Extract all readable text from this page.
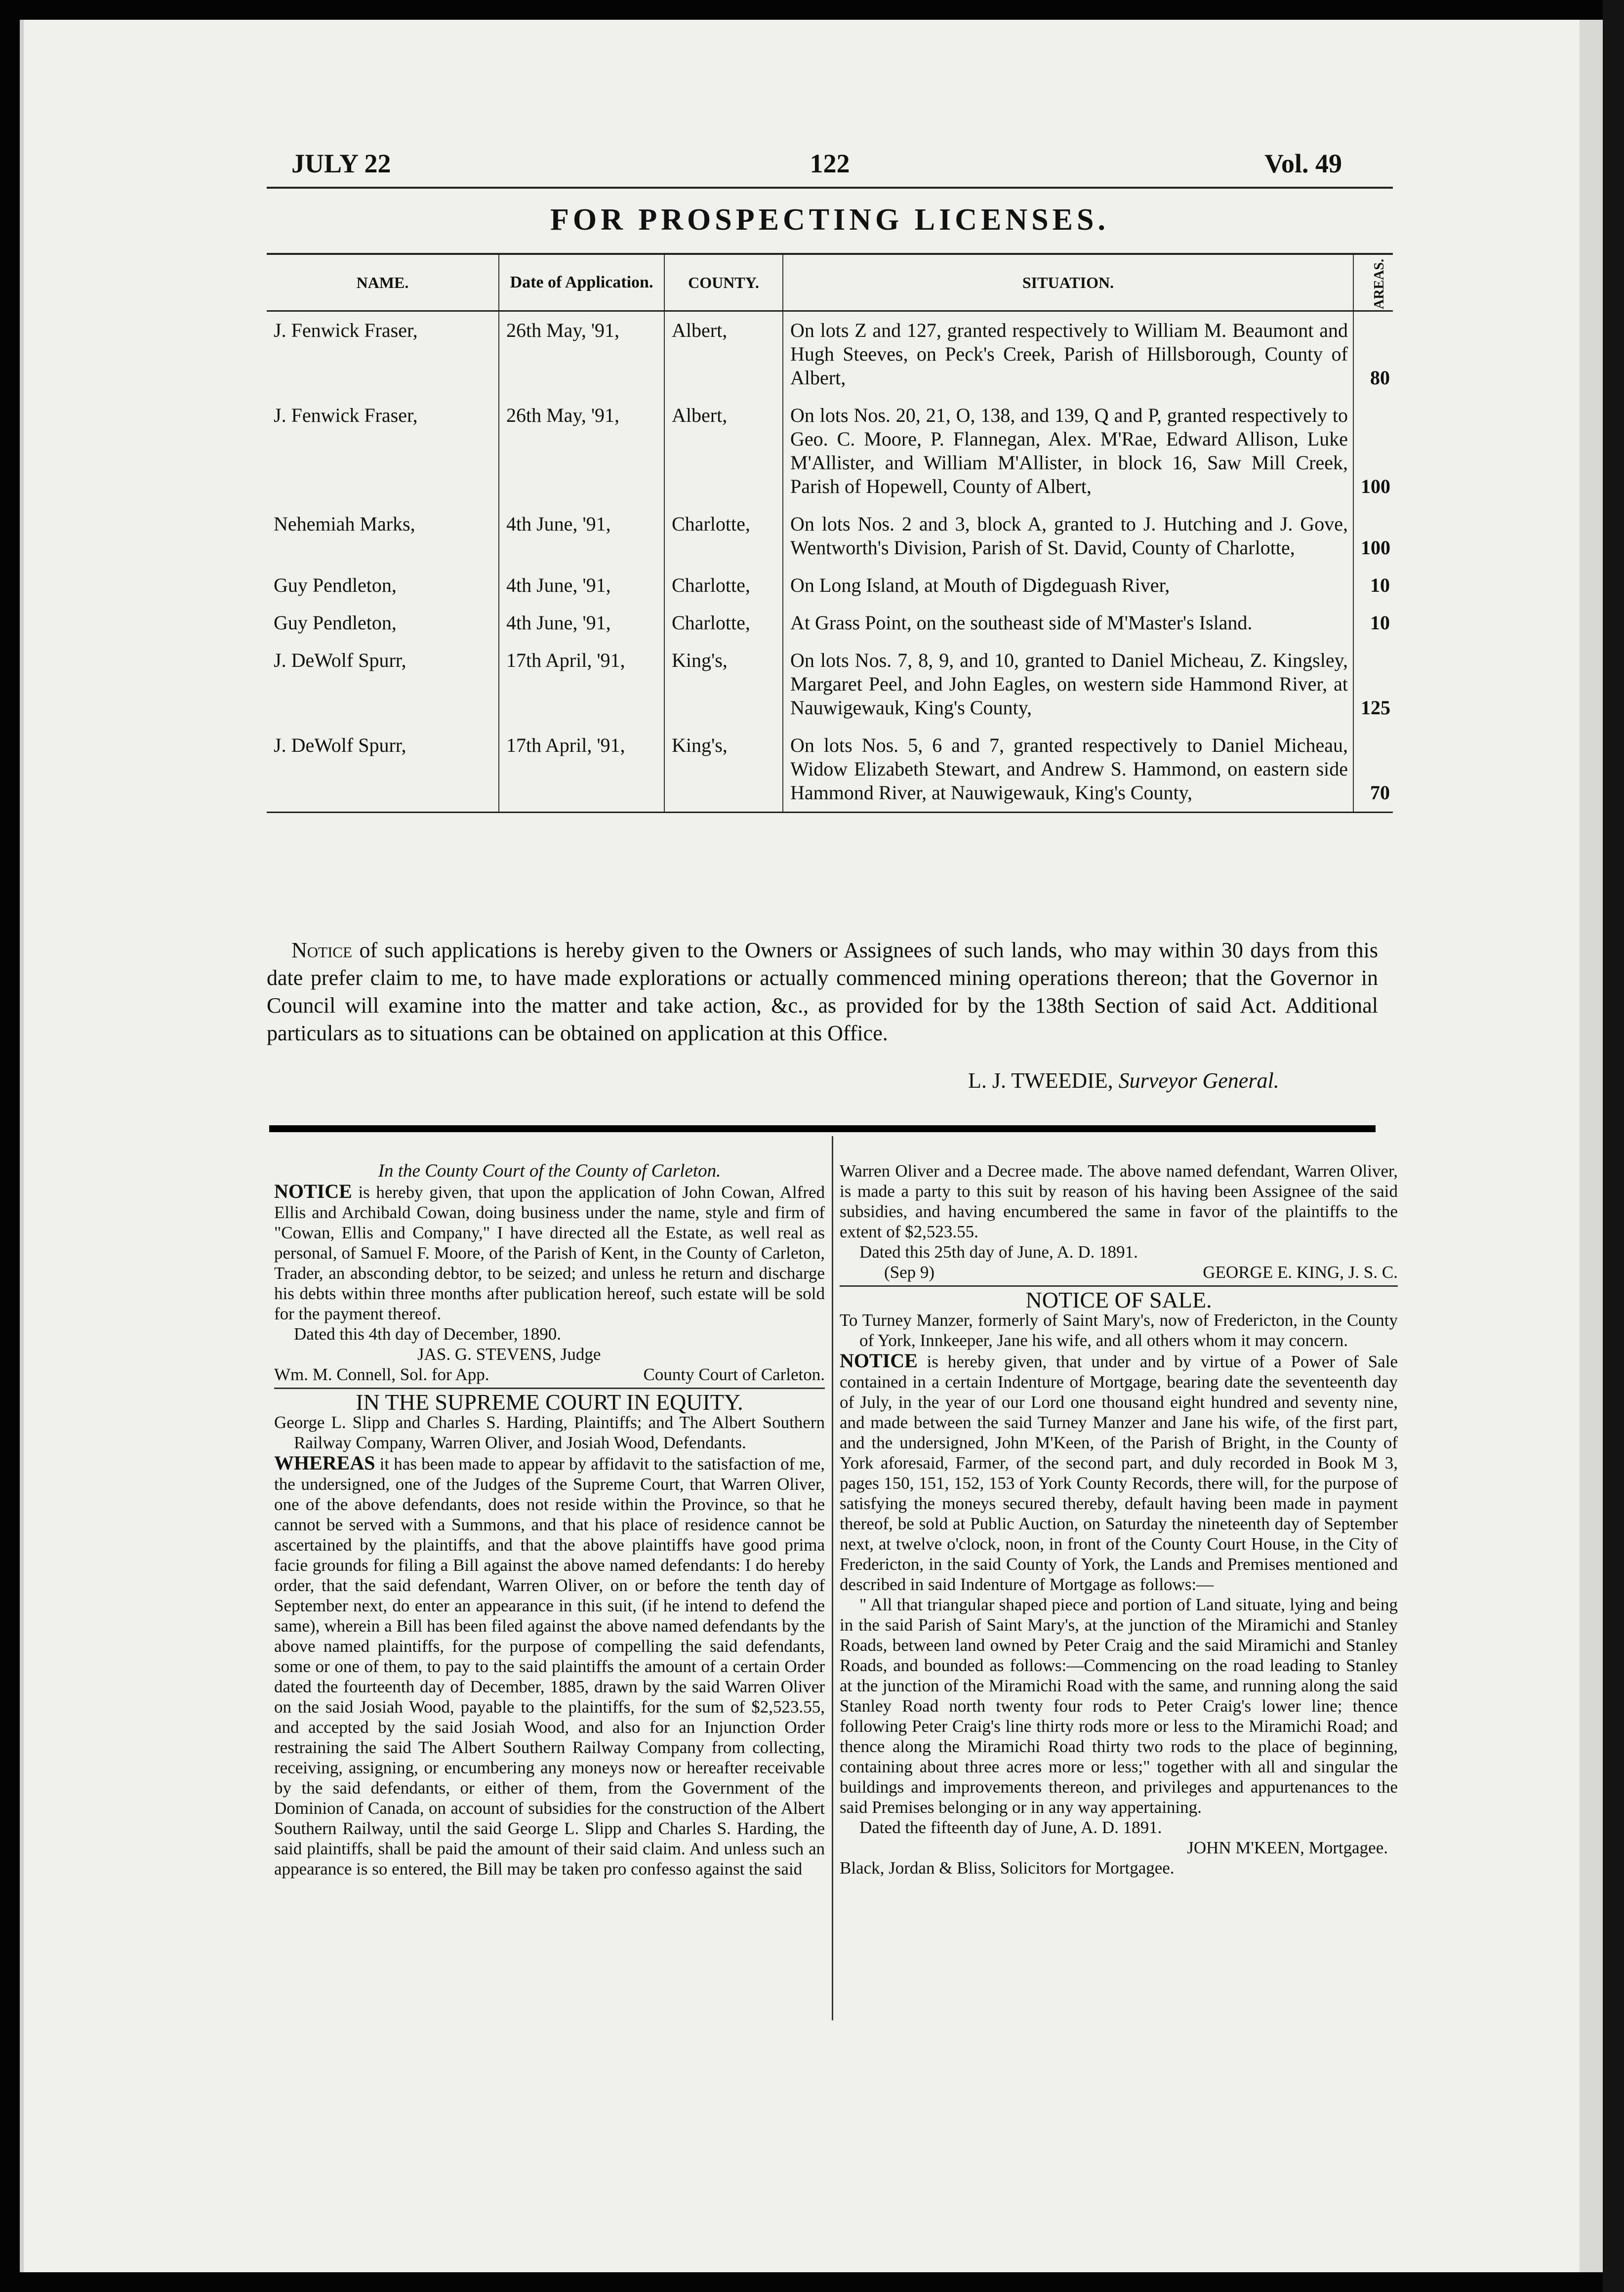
JULY 22	122	Vol. 49
FOR PROSPECTING LICENSES.
NAME.	Date of Application.	COUNTY.	SITUATION.	AREAS.
J. Fenwick Fraser,	26th May, '91,	Albert,	On lots Z and 127, granted respectively to William M. Beaumont and Hugh Steeves, on Peck's Creek, Parish of Hillsborough, County of Albert,	80
J. Fenwick Fraser,	26th May, '91,	Albert,	On lots Nos. 20, 21, O, 138, and 139, Q and P, granted respectively to Geo. C. Moore, P. Flannegan, Alex. M'Rae, Edward Allison, Luke M'Allister, and William M'Allister, in block 16, Saw Mill Creek, Parish of Hopewell, County of Albert,	100
Nehemiah Marks,	4th June, '91,	Charlotte,	On lots Nos. 2 and 3, block A, granted to J. Hutching and J. Gove, Wentworth's Division, Parish of St. David, County of Charlotte,	100
Guy Pendleton,	4th June, '91,	Charlotte,	On Long Island, at Mouth of Digdeguash River,	10
Guy Pendleton,	4th June, '91,	Charlotte,	At Grass Point, on the southeast side of M'Master's Island.	10
J. DeWolf Spurr,	17th April, '91,	King's,	On lots Nos. 7, 8, 9, and 10, granted to Daniel Micheau, Z. Kingsley, Margaret Peel, and John Eagles, on western side Hammond River, at Nauwigewauk, King's County,	125
J. DeWolf Spurr,	17th April, '91,	King's,	On lots Nos. 5, 6 and 7, granted respectively to Daniel Micheau, Widow Elizabeth Stewart, and Andrew S. Hammond, on eastern side Hammond River, at Nauwigewauk, King's County,	70
Notice of such applications is hereby given to the Owners or Assignees of such lands, who may within 30 days from this date prefer claim to me, to have made explorations or actually commenced mining operations thereon; that the Governor in Council will examine into the matter and take action, &c., as provided for by the 138th Section of said Act. Additional particulars as to situations can be obtained on application at this Office.
L. J. TWEEDIE, Surveyor General.

In the County Court of the County of Carleton.

NOTICE is hereby given, that upon the application of John Cowan, Alfred Ellis and Archibald Cowan, doing business under the name, style and firm of "Cowan, Ellis and Company," I have directed all the Estate, as well real as personal, of Samuel F. Moore, of the Parish of Kent, in the County of Carleton, Trader, an absconding debtor, to be seized; and unless he return and discharge his debts within three months after publication hereof, such estate will be sold for the payment thereof.

Dated this 4th day of December, 1890.

JAS. G. STEVENS, Judge

Wm. M. Connell, Sol. for App.	County Court of Carleton.

IN THE SUPREME COURT IN EQUITY.

George L. Slipp and Charles S. Harding, Plaintiffs; and The Albert Southern Railway Company, Warren Oliver, and Josiah Wood, Defendants.

WHEREAS it has been made to appear by affidavit to the satisfaction of me, the undersigned, one of the Judges of the Supreme Court, that Warren Oliver, one of the above defendants, does not reside within the Province, so that he cannot be served with a Summons, and that his place of residence cannot be ascertained by the plaintiffs, and that the above plaintiffs have good prima facie grounds for filing a Bill against the above named defendants: I do hereby order, that the said defendant, Warren Oliver, on or before the tenth day of September next, do enter an appearance in this suit, (if he intend to defend the same), wherein a Bill has been filed against the above named defendants by the above named plaintiffs, for the purpose of compelling the said defendants, some or one of them, to pay to the said plaintiffs the amount of a certain Order dated the fourteenth day of December, 1885, drawn by the said Warren Oliver on the said Josiah Wood, payable to the plaintiffs, for the sum of $2,523.55, and accepted by the said Josiah Wood, and also for an Injunction Order restraining the said The Albert Southern Railway Company from collecting, receiving, assigning, or encumbering any moneys now or hereafter receivable by the said defendants, or either of them, from the Government of the Dominion of Canada, on account of subsidies for the construction of the Albert Southern Railway, until the said George L. Slipp and Charles S. Harding, the said plaintiffs, shall be paid the amount of their said claim. And unless such an appearance is so entered, the Bill may be taken pro confesso against the said

Warren Oliver and a Decree made. The above named defendant, Warren Oliver, is made a party to this suit by reason of his having been Assignee of the said subsidies, and having encumbered the same in favor of the plaintiffs to the extent of $2,523.55.

Dated this 25th day of June, A. D. 1891.

(Sep 9)	GEORGE E. KING, J. S. C.

NOTICE OF SALE.

To Turney Manzer, formerly of Saint Mary's, now of Fredericton, in the County of York, Innkeeper, Jane his wife, and all others whom it may concern.

NOTICE is hereby given, that under and by virtue of a Power of Sale contained in a certain Indenture of Mortgage, bearing date the seventeenth day of July, in the year of our Lord one thousand eight hundred and seventy nine, and made between the said Turney Manzer and Jane his wife, of the first part, and the undersigned, John M'Keen, of the Parish of Bright, in the County of York aforesaid, Farmer, of the second part, and duly recorded in Book M 3, pages 150, 151, 152, 153 of York County Records, there will, for the purpose of satisfying the moneys secured thereby, default having been made in payment thereof, be sold at Public Auction, on Saturday the nineteenth day of September next, at twelve o'clock, noon, in front of the County Court House, in the City of Fredericton, in the said County of York, the Lands and Premises mentioned and described in said Indenture of Mortgage as follows:—

" All that triangular shaped piece and portion of Land situate, lying and being in the said Parish of Saint Mary's, at the junction of the Miramichi and Stanley Roads, between land owned by Peter Craig and the said Miramichi and Stanley Roads, and bounded as follows:—Commencing on the road leading to Stanley at the junction of the Miramichi Road with the same, and running along the said Stanley Road north twenty four rods to Peter Craig's lower line; thence following Peter Craig's line thirty rods more or less to the Miramichi Road; and thence along the Miramichi Road thirty two rods to the place of beginning, containing about three acres more or less;" together with all and singular the buildings and improvements thereon, and privileges and appurtenances to the said Premises belonging or in any way appertaining.

Dated the fifteenth day of June, A. D. 1891.

JOHN M'KEEN, Mortgagee.

Black, Jordan & Bliss, Solicitors for Mortgagee.
